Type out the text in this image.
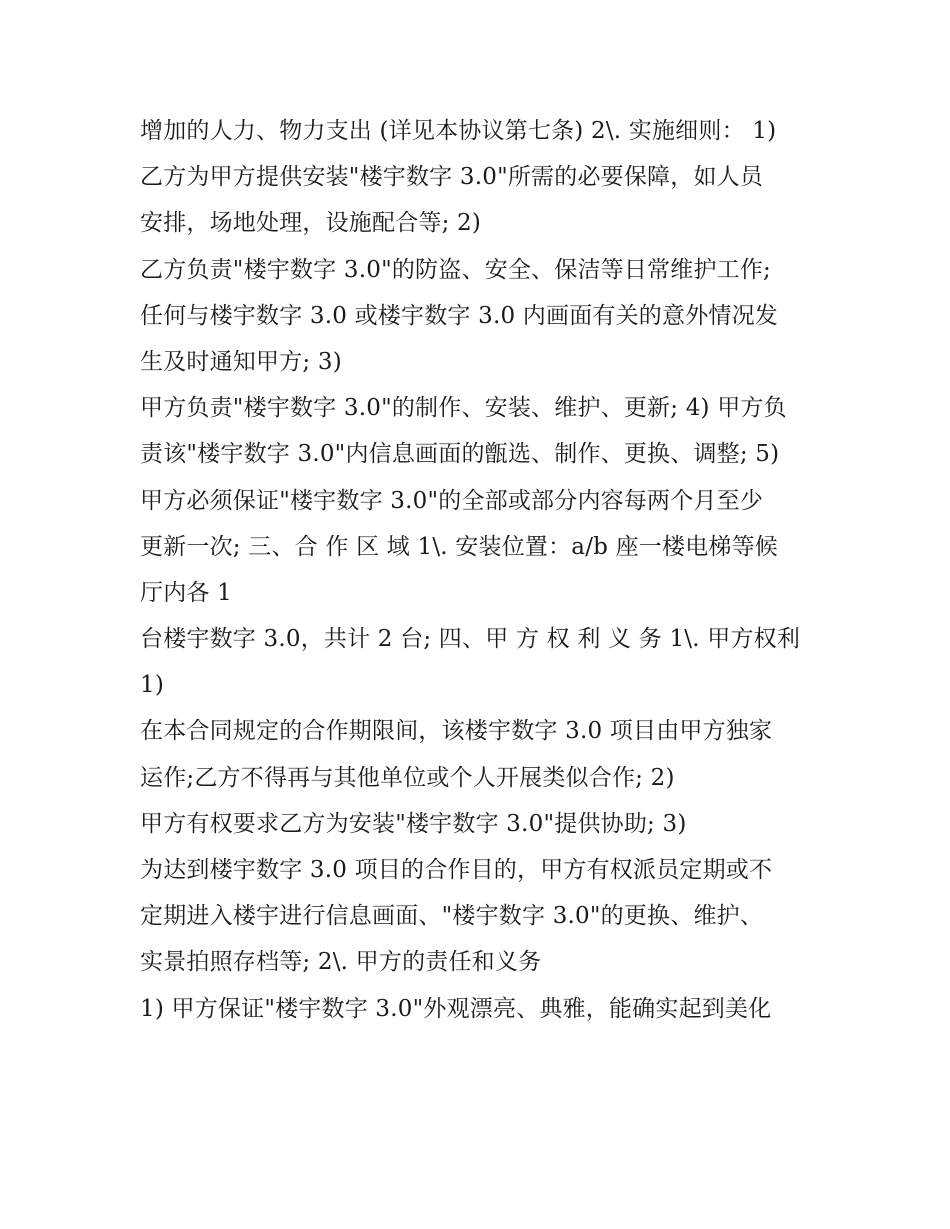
增加的人力、物力支出 (详见本协议第七条) 2\. 实施细则： 1)
乙方为甲方提供安装"楼宇数字 3.0"所需的必要保障，如人员
安排，场地处理，设施配合等; 2)
乙方负责"楼宇数字 3.0"的防盗、安全、保洁等日常维护工作;
任何与楼宇数字 3.0 或楼宇数字 3.0 内画面有关的意外情况发
生及时通知甲方; 3)
甲方负责"楼宇数字 3.0"的制作、安装、维护、更新; 4) 甲方负
责该"楼宇数字 3.0"内信息画面的甑选、制作、更换、调整; 5)
甲方必须保证"楼宇数字 3.0"的全部或部分内容每两个月至少
更新一次; 三、合 作 区 域 1\. 安装位置：a/b 座一楼电梯等候
厅内各 1
台楼宇数字 3.0，共计 2 台; 四、甲 方 权 利 义 务 1\. 甲方权利
1)
在本合同规定的合作期限间，该楼宇数字 3.0 项目由甲方独家
运作;乙方不得再与其他单位或个人开展类似合作; 2)
甲方有权要求乙方为安装"楼宇数字 3.0"提供协助; 3)
为达到楼宇数字 3.0 项目的合作目的，甲方有权派员定期或不
定期进入楼宇进行信息画面、"楼宇数字 3.0"的更换、维护、
实景拍照存档等; 2\. 甲方的责任和义务
1) 甲方保证"楼宇数字 3.0"外观漂亮、典雅，能确实起到美化
